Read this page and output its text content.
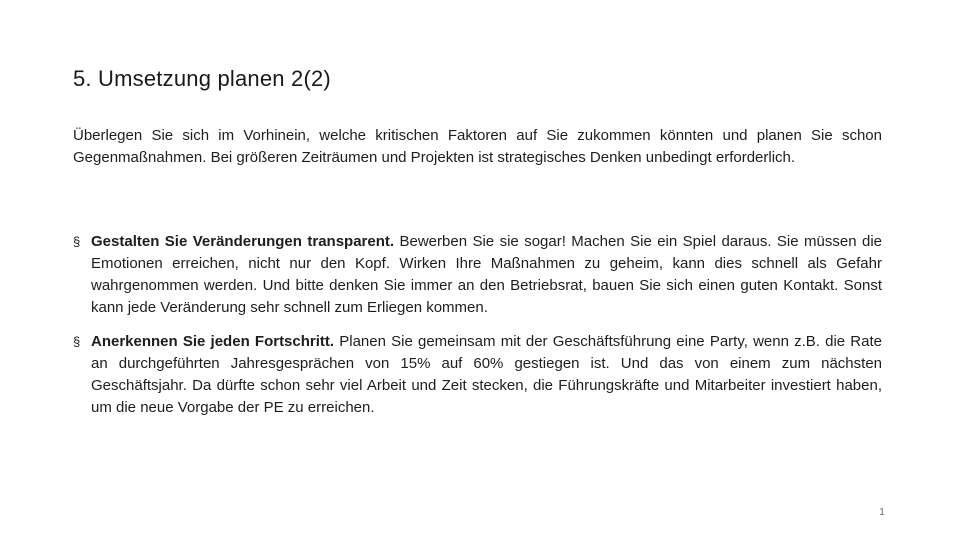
5. Umsetzung planen 2(2)

Überlegen Sie sich im Vorhinein, welche kritischen Faktoren auf Sie zukommen könnten und planen Sie schon Gegenmaßnahmen. Bei größeren Zeiträumen und Projekten ist strategisches Denken unbedingt erforderlich.

§ Gestalten Sie Veränderungen transparent. Bewerben Sie sie sogar! Machen Sie ein Spiel daraus. Sie müssen die Emotionen erreichen, nicht nur den Kopf. Wirken Ihre Maßnahmen zu geheim, kann dies schnell als Gefahr wahrgenommen werden. Und bitte denken Sie immer an den Betriebsrat, bauen Sie sich einen guten Kontakt. Sonst kann jede Veränderung sehr schnell zum Erliegen kommen.
§ Anerkennen Sie jeden Fortschritt. Planen Sie gemeinsam mit der Geschäftsführung eine Party, wenn z.B. die Rate an durchgeführten Jahresgesprächen von 15% auf 60% gestiegen ist. Und das von einem zum nächsten Geschäftsjahr. Da dürfte schon sehr viel Arbeit und Zeit stecken, die Führungskräfte und Mitarbeiter investiert haben, um die neue Vorgabe der PE zu erreichen.
1
